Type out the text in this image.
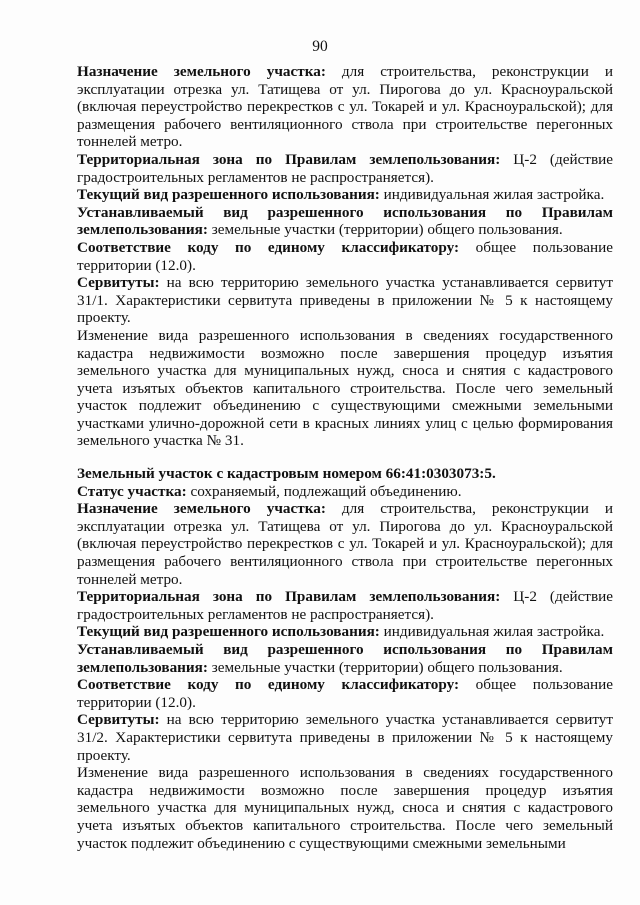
90

Назначение земельного участка: для строительства, реконструкции и эксплуатации отрезка ул. Татищева от ул. Пирогова до ул. Красноуральской (включая переустройство перекрестков с ул. Токарей и ул. Красноуральской); для размещения рабочего вентиляционного ствола при строительстве перегонных тоннелей метро.

Территориальная зона по Правилам землепользования: Ц-2 (действие градостроительных регламентов не распространяется).

Текущий вид разрешенного использования: индивидуальная жилая застройка.

Устанавливаемый вид разрешенного использования по Правилам землепользования: земельные участки (территории) общего пользования.

Соответствие коду по единому классификатору: общее пользование территории (12.0).

Сервитуты: на всю территорию земельного участка устанавливается сервитут 31/1. Характеристики сервитута приведены в приложении № 5 к настоящему проекту.

Изменение вида разрешенного использования в сведениях государственного кадастра недвижимости возможно после завершения процедур изъятия земельного участка для муниципальных нужд, сноса и снятия с кадастрового учета изъятых объектов капитального строительства. После чего земельный участок подлежит объединению с существующими смежными земельными участками улично-дорожной сети в красных линиях улиц с целью формирования земельного участка № 31.

Земельный участок с кадастровым номером 66:41:0303073:5.

Статус участка: сохраняемый, подлежащий объединению.

Назначение земельного участка: для строительства, реконструкции и эксплуатации отрезка ул. Татищева от ул. Пирогова до ул. Красноуральской (включая переустройство перекрестков с ул. Токарей и ул. Красноуральской); для размещения рабочего вентиляционного ствола при строительстве перегонных тоннелей метро.

Территориальная зона по Правилам землепользования: Ц-2 (действие градостроительных регламентов не распространяется).

Текущий вид разрешенного использования: индивидуальная жилая застройка.

Устанавливаемый вид разрешенного использования по Правилам землепользования: земельные участки (территории) общего пользования.

Соответствие коду по единому классификатору: общее пользование территории (12.0).

Сервитуты: на всю территорию земельного участка устанавливается сервитут 31/2. Характеристики сервитута приведены в приложении № 5 к настоящему проекту.

Изменение вида разрешенного использования в сведениях государственного кадастра недвижимости возможно после завершения процедур изъятия земельного участка для муниципальных нужд, сноса и снятия с кадастрового учета изъятых объектов капитального строительства. После чего земельный участок подлежит объединению с существующими смежными земельными
